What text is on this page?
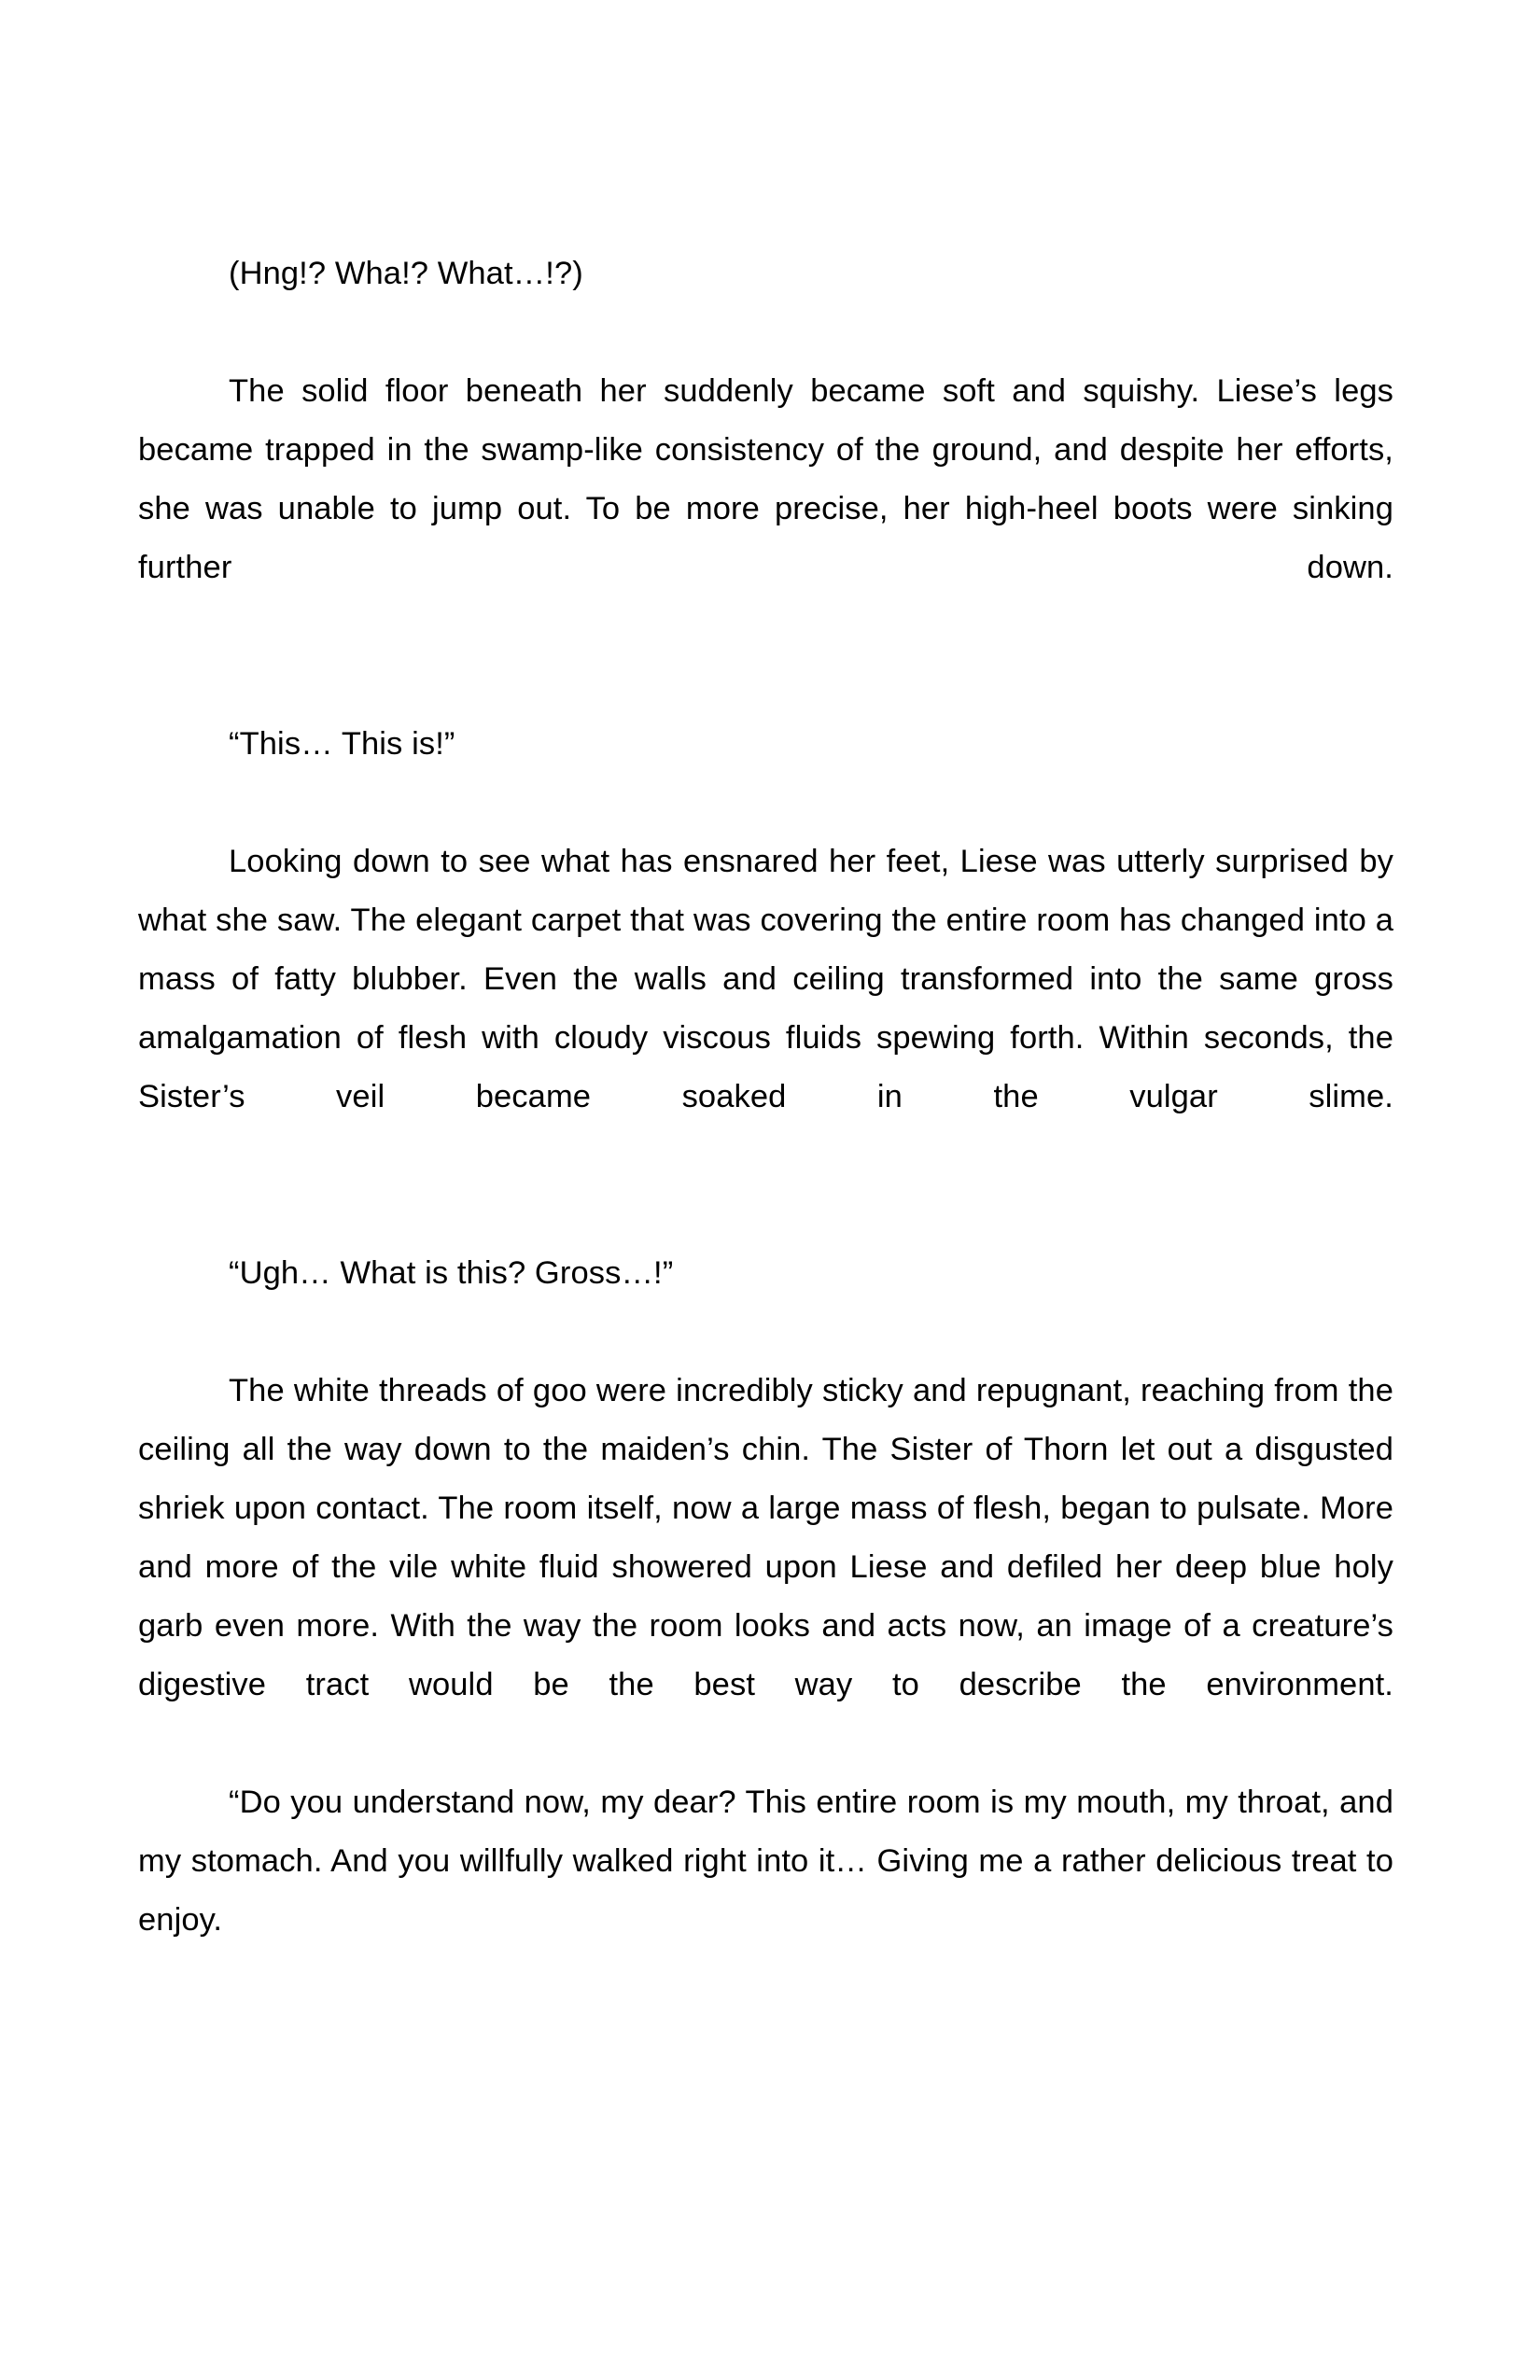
(Hng!? Wha!? What…!?)

The solid floor beneath her suddenly became soft and squishy. Liese’s legs became trapped in the swamp-like consistency of the ground, and despite her efforts, she was unable to jump out. To be more precise, her high-heel boots were sinking further down.

“This… This is!”

Looking down to see what has ensnared her feet, Liese was utterly surprised by what she saw. The elegant carpet that was covering the entire room has changed into a mass of fatty blubber. Even the walls and ceiling transformed into the same gross amalgamation of flesh with cloudy viscous fluids spewing forth. Within seconds, the Sister’s veil became soaked in the vulgar slime.

“Ugh… What is this? Gross…!”

The white threads of goo were incredibly sticky and repugnant, reaching from the ceiling all the way down to the maiden’s chin. The Sister of Thorn let out a disgusted shriek upon contact. The room itself, now a large mass of flesh, began to pulsate. More and more of the vile white fluid showered upon Liese and defiled her deep blue holy garb even more. With the way the room looks and acts now, an image of a creature’s digestive tract would be the best way to describe the environment.

“Do you understand now, my dear? This entire room is my mouth, my throat, and my stomach. And you willfully walked right into it… Giving me a rather delicious treat to enjoy.
